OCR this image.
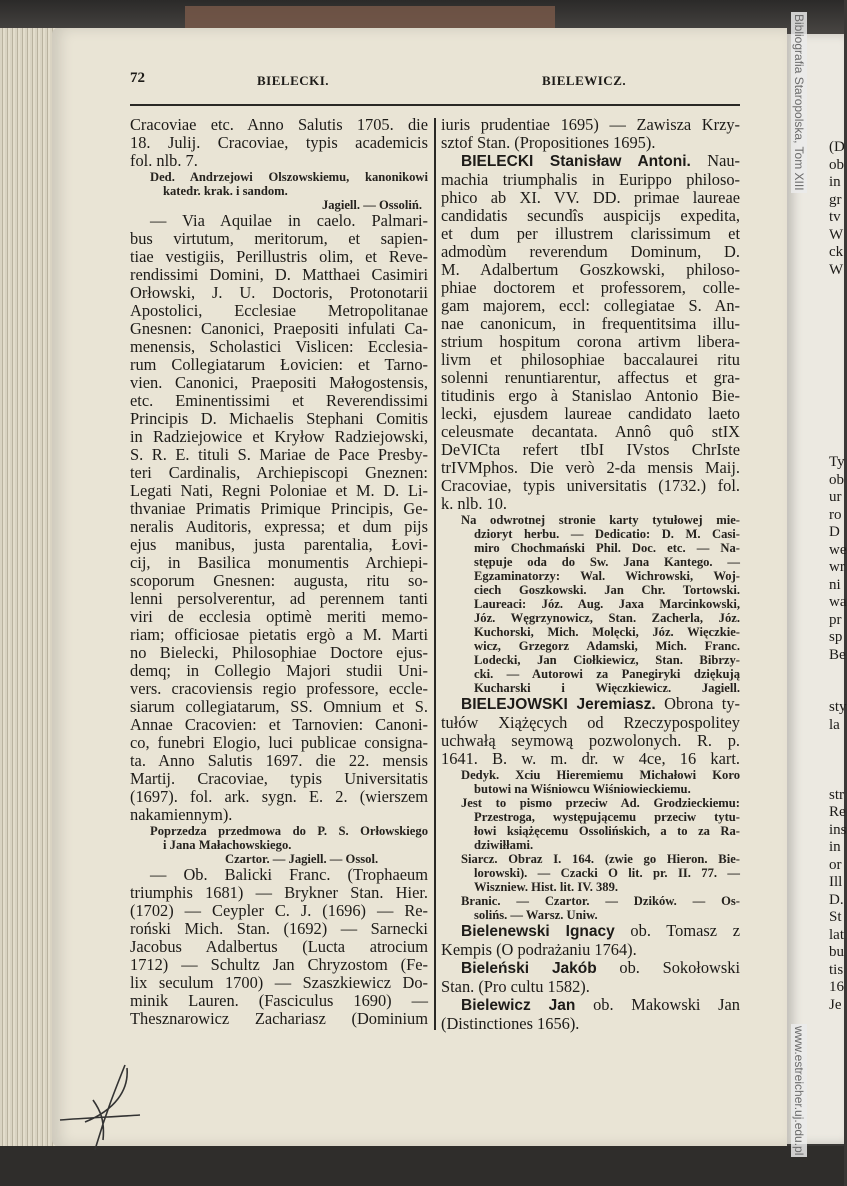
(D
ob
in
gr
tv
W
ck
W

Ty
ob
ur
ro
D
we
wr
ni
wa
pr
sp
Be

sty
la

str
Re
ins
in
or
Ill
D.
St
lat
bu
tis
16
Je
72	BIELECKI.	BIELEWICZ.
Cracoviae etc. Anno Salutis 1705. die
18. Julij. Cracoviae, typis academicis
fol. nlb. 7.
Ded. Andrzejowi Olszowskiemu, kanonikowi
katedr. krak. i sandom.
Jagiell. — Ossoliń.
— Via Aquilae in caelo. Palmari-
bus virtutum, meritorum, et sapien-
tiae vestigiis, Perillustris olim, et Reve-
rendissimi Domini, D. Matthaei Casimiri
Orłowski, J. U. Doctoris, Protonotarii
Apostolici, Ecclesiae Metropolitanae
Gnesnen: Canonici, Praepositi infulati Ca-
menensis, Scholastici Vislicen: Ecclesia-
rum Collegiatarum Łovicien: et Tarno-
vien. Canonici, Praepositi Małogostensis,
etc. Eminentissimi et Reverendissimi
Principis D. Michaelis Stephani Comitis
in Radziejowice et Kryłow Radziejowski,
S. R. E. tituli S. Mariae de Pace Presby-
teri Cardinalis, Archiepiscopi Gneznen:
Legati Nati, Regni Poloniae et M. D. Li-
thvaniae Primatis Primique Principis, Ge-
neralis Auditoris, expressa; et dum pijs
ejus manibus, justa parentalia, Łovi-
cij, in Basilica monumentis Archiepi-
scoporum Gnesnen: augusta, ritu so-
lenni persolverentur, ad perennem tanti
viri de ecclesia optimè meriti memo-
riam; officiosae pietatis ergò a M. Marti
no Bielecki, Philosophiae Doctore ejus-
demq; in Collegio Majori studii Uni-
vers. cracoviensis regio professore, eccle-
siarum collegiatarum, SS. Omnium et S.
Annae Cracovien: et Tarnovien: Canoni-
co, funebri Elogio, luci publicae consigna-
ta. Anno Salutis 1697. die 22. mensis
Martij. Cracoviae, typis Universitatis
(1697). fol. ark. sygn. E. 2. (wierszem
nakamiennym).
Poprzedza przedmowa do P. S. Orłowskiego
i Jana Małachowskiego.
Czartor. — Jagiell. — Ossol.
— Ob. Balicki Franc. (Trophaeum
triumphis 1681) — Brykner Stan. Hier.
(1702) — Ceypler C. J. (1696) — Re-
roński Mich. Stan. (1692) — Sarnecki
Jacobus Adalbertus (Lucta atrocium
1712) — Schultz Jan Chryzostom (Fe-
lix seculum 1700) — Szaszkiewicz Do-
minik Lauren. (Fasciculus 1690) —
Thesznarowicz Zachariasz (Dominium
iuris prudentiae 1695) — Zawisza Krzy-
sztof Stan. (Propositiones 1695).
BIELECKI Stanisław Antoni. Nau-
machia triumphalis in Eurippo philoso-
phico ab XI. VV. DD. primae laureae
candidatis secundîs auspicijs expedita,
et dum per illustrem clarissimum et
admodùm reverendum Dominum, D.
M. Adalbertum Goszkowski, philoso-
phiae doctorem et professorem, colle-
gam majorem, eccl: collegiatae S. An-
nae canonicum, in frequentitsima illu-
strium hospitum corona artivm libera-
livm et philosophiae baccalaurei ritu
solenni renuntiarentur, affectus et gra-
titudinis ergo à Stanislao Antonio Bie-
lecki, ejusdem laureae candidato laeto
celeusmate decantata. Annô quô stIX
DeVICta refert tIbI IVstos ChrIste
trIVMphos. Die verò 2-da mensis Maij.
Cracoviae, typis universitatis (1732.) fol.
k. nlb. 10.
Na odwrotnej stronie karty tytułowej mie-
dzioryt herbu. — Dedicatio: D. M. Casi-
miro Chochmański Phil. Doc. etc. — Na-
stępuje oda do Sw. Jana Kantego. —
Egzaminatorzy: Wal. Wichrowski, Woj-
ciech Goszkowski. Jan Chr. Tortowski.
Laureaci: Józ. Aug. Jaxa Marcinkowski,
Józ. Węgrzynowicz, Stan. Zacherla, Józ.
Kuchorski, Mich. Molęcki, Józ. Więczkie-
wicz, Grzegorz Adamski, Mich. Franc.
Lodecki, Jan Ciołkiewicz, Stan. Bibrzy-
cki. — Autorowi za Panegiryki dziękują
Kucharski i Więczkiewicz. Jagiell.
BIELEJOWSKI Jeremiasz. Obrona ty-
tułów Xiążęcych od Rzeczypospolitey
uchwałą seymową pozwolonych. R. p.
1641. B. w. m. dr. w 4ce, 16 kart.
Dedyk. Xciu Hieremiemu Michałowi Koro
butowi na Wiśniowcu Wiśniowieckiemu.
Jest to pismo przeciw Ad. Grodzieckiemu:
Przestroga, występującemu przeciw tytu-
łowi książęcemu Ossolińskich, a to za Ra-
dziwiłłami.
Siarcz. Obraz I. 164. (zwie go Hieron. Bie-
lorowski). — Czacki O lit. pr. II. 77. —
Wiszniew. Hist. lit. IV. 389.
Branic. — Czartor. — Dzików. — Os-
solińs. — Warsz. Uniw.
Bielenewski Ignacy ob. Tomasz z
Kempis (O podrażaniu 1764).
Bieleński Jakób ob. Sokołowski
Stan. (Pro cultu 1582).
Bielewicz Jan ob. Makowski Jan
(Distinctiones 1656).
Bibliografia Staropolska, Tom XIII
www.estreicher.uj.edu.pl
